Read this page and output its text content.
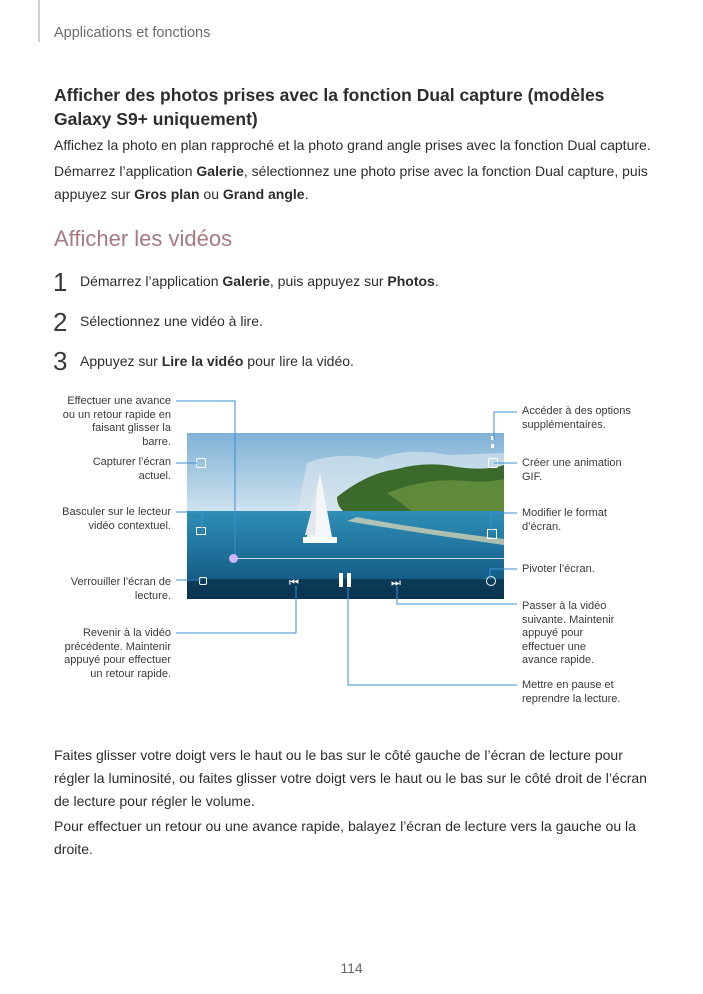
Applications et fonctions
Afficher des photos prises avec la fonction Dual capture (modèles Galaxy S9+ uniquement)
Affichez la photo en plan rapproché et la photo grand angle prises avec la fonction Dual capture.
Démarrez l’application Galerie, sélectionnez une photo prise avec la fonction Dual capture, puis appuyez sur Gros plan ou Grand angle.
Afficher les vidéos
1 Démarrez l’application Galerie, puis appuyez sur Photos.
2 Sélectionnez une vidéo à lire.
3 Appuyez sur Lire la vidéo pour lire la vidéo.
⏮	⏭
Effectuer une avance ou un retour rapide en faisant glisser la barre.
Capturer l’écran actuel.
Basculer sur le lecteur vidéo contextuel.
Verrouiller l’écran de lecture.
Revenir à la vidéo précédente. Maintenir appuyé pour effectuer un retour rapide.
Accéder à des options supplémentaires.
Créer une animation GIF.
Modifier le format d’écran.
Pivoter l’écran.
Passer à la vidéo suivante. Maintenir appuyé pour effectuer une avance rapide.
Mettre en pause et reprendre la lecture.
Faites glisser votre doigt vers le haut ou le bas sur le côté gauche de l’écran de lecture pour régler la luminosité, ou faites glisser votre doigt vers le haut ou le bas sur le côté droit de l’écran de lecture pour régler le volume.
Pour effectuer un retour ou une avance rapide, balayez l’écran de lecture vers la gauche ou la droite.
114
